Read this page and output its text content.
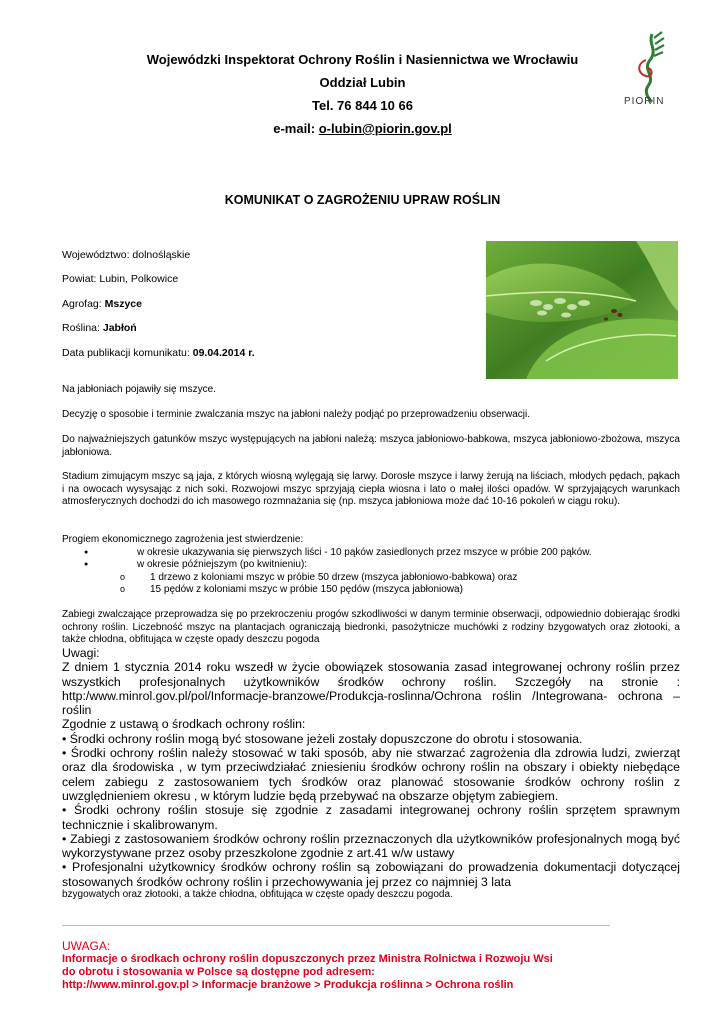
Wojewódzki Inspektorat Ochrony Roślin i Nasiennictwa we Wrocławiu
Oddział Lubin
Tel. 76 844 10 66
e-mail: o-lubin@piorin.gov.pl
PIORIN
KOMUNIKAT O ZAGROŻENIU UPRAW ROŚLIN
Województwo: dolnośląskie
Powiat: Lubin, Polkowice
Agrofag: Mszyce
Roślina: Jabłoń
Data publikacji komunikatu: 09.04.2014 r.
Na jabłoniach pojawiły się mszyce.
Decyzję o sposobie i terminie zwalczania mszyc na jabłoni należy podjąć po przeprowadzeniu obserwacji.
Do najważniejszych gatunków mszyc występujących na jabłoni należą: mszyca jabłoniowo-babkowa, mszyca jabłoniowo-zbożowa, mszyca jabłoniowa.
Stadium zimującym mszyc są jaja, z których wiosną wylęgają się larwy. Dorosłe mszyce i larwy żerują na liściach, młodych pędach, pąkach i na owocach wysysając z nich soki. Rozwojowi mszyc sprzyjają ciepła wiosna i lato o małej ilości opadów. W sprzyjających warunkach atmosferycznych dochodzi do ich masowego rozmnażania się (np. mszyca jabłoniowa może dać 10-16 pokoleń w ciągu roku).
Progiem ekonomicznego zagrożenia jest stwierdzenie:
● w okresie ukazywania się pierwszych liści - 10 pąków zasiedlonych przez mszyce w próbie 200 pąków.
● w okresie późniejszym (po kwitnieniu):
o 1 drzewo z koloniami mszyc w próbie 50 drzew (mszyca jabłoniowo-babkowa) oraz
o 15 pędów z koloniami mszyc w próbie 150 pędów (mszyca jabłoniowa)
Zabiegi zwalczające przeprowadza się po przekroczeniu progów szkodliwości w danym terminie obserwacji, odpowiednio dobierając środki ochrony roślin. Liczebność mszyc na plantacjach ograniczają biedronki, pasożytnicze muchówki z rodziny bzygowatych oraz złotooki, a także chłodna, obfitująca w częste opady deszczu pogoda
Uwagi:
Z dniem 1 stycznia 2014 roku wszedł w życie obowiązek stosowania zasad integrowanej ochrony roślin przez wszystkich profesjonalnych użytkowników środków ochrony roślin. Szczegóły na stronie : http:/www.minrol.gov.pl/pol/Informacje-branzowe/Produkcja-roslinna/Ochrona roślin /Integrowana- ochrona – roślin
Zgodnie z ustawą o środkach ochrony roślin:
• Środki ochrony roślin mogą być stosowane jeżeli zostały dopuszczone do obrotu i stosowania.
• Środki ochrony roślin należy stosować w taki sposób, aby nie stwarzać zagrożenia dla zdrowia ludzi, zwierząt oraz dla środowiska , w tym przeciwdziałać zniesieniu środków ochrony roślin na obszary i obiekty niebędące celem zabiegu z zastosowaniem tych środków oraz planować stosowanie środków ochrony roślin z uwzględnieniem okresu , w którym ludzie będą przebywać na obszarze objętym zabiegiem.
• Środki ochrony roślin stosuje się zgodnie z zasadami integrowanej ochrony roślin sprzętem sprawnym technicznie i skalibrowanym.
• Zabiegi z zastosowaniem środków ochrony roślin przeznaczonych dla użytkowników profesjonalnych mogą być wykorzystywane przez osoby przeszkolone zgodnie z art.41 w/w ustawy
• Profesjonalni użytkownicy środków ochrony roślin są zobowiązani do prowadzenia dokumentacji dotyczącej stosowanych środków ochrony roślin i przechowywania jej przez co najmniej 3 lata
bzygowatych oraz złotooki, a także chłodna, obfitująca w częste opady deszczu pogoda.
UWAGA:
Informacje o środkach ochrony roślin dopuszczonych przez Ministra Rolnictwa i Rozwoju Wsi
do obrotu i stosowania w Polsce są dostępne pod adresem:
http://www.minrol.gov.pl > Informacje branżowe > Produkcja roślinna > Ochrona roślin
